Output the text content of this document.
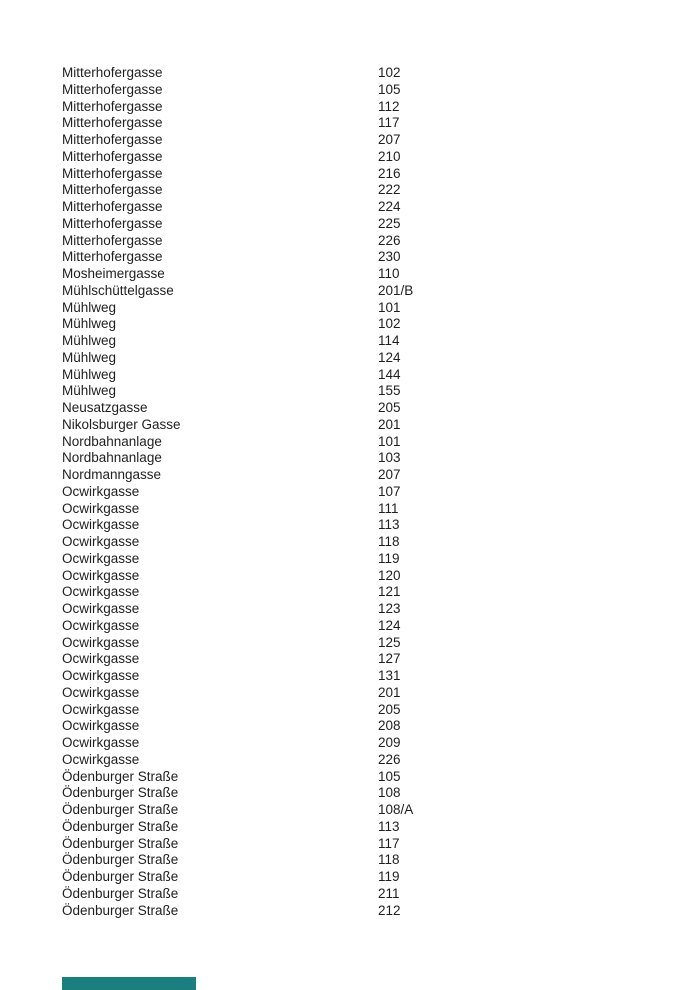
Mitterhofergasse	102
Mitterhofergasse	105
Mitterhofergasse	112
Mitterhofergasse	117
Mitterhofergasse	207
Mitterhofergasse	210
Mitterhofergasse	216
Mitterhofergasse	222
Mitterhofergasse	224
Mitterhofergasse	225
Mitterhofergasse	226
Mitterhofergasse	230
Mosheimergasse	110
Mühlschüttelgasse	201/B
Mühlweg	101
Mühlweg	102
Mühlweg	114
Mühlweg	124
Mühlweg	144
Mühlweg	155
Neusatzgasse	205
Nikolsburger Gasse	201
Nordbahnanlage	101
Nordbahnanlage	103
Nordmanngasse	207
Ocwirkgasse	107
Ocwirkgasse	111
Ocwirkgasse	113
Ocwirkgasse	118
Ocwirkgasse	119
Ocwirkgasse	120
Ocwirkgasse	121
Ocwirkgasse	123
Ocwirkgasse	124
Ocwirkgasse	125
Ocwirkgasse	127
Ocwirkgasse	131
Ocwirkgasse	201
Ocwirkgasse	205
Ocwirkgasse	208
Ocwirkgasse	209
Ocwirkgasse	226
Ödenburger Straße	105
Ödenburger Straße	108
Ödenburger Straße	108/A
Ödenburger Straße	113
Ödenburger Straße	117
Ödenburger Straße	118
Ödenburger Straße	119
Ödenburger Straße	211
Ödenburger Straße	212
